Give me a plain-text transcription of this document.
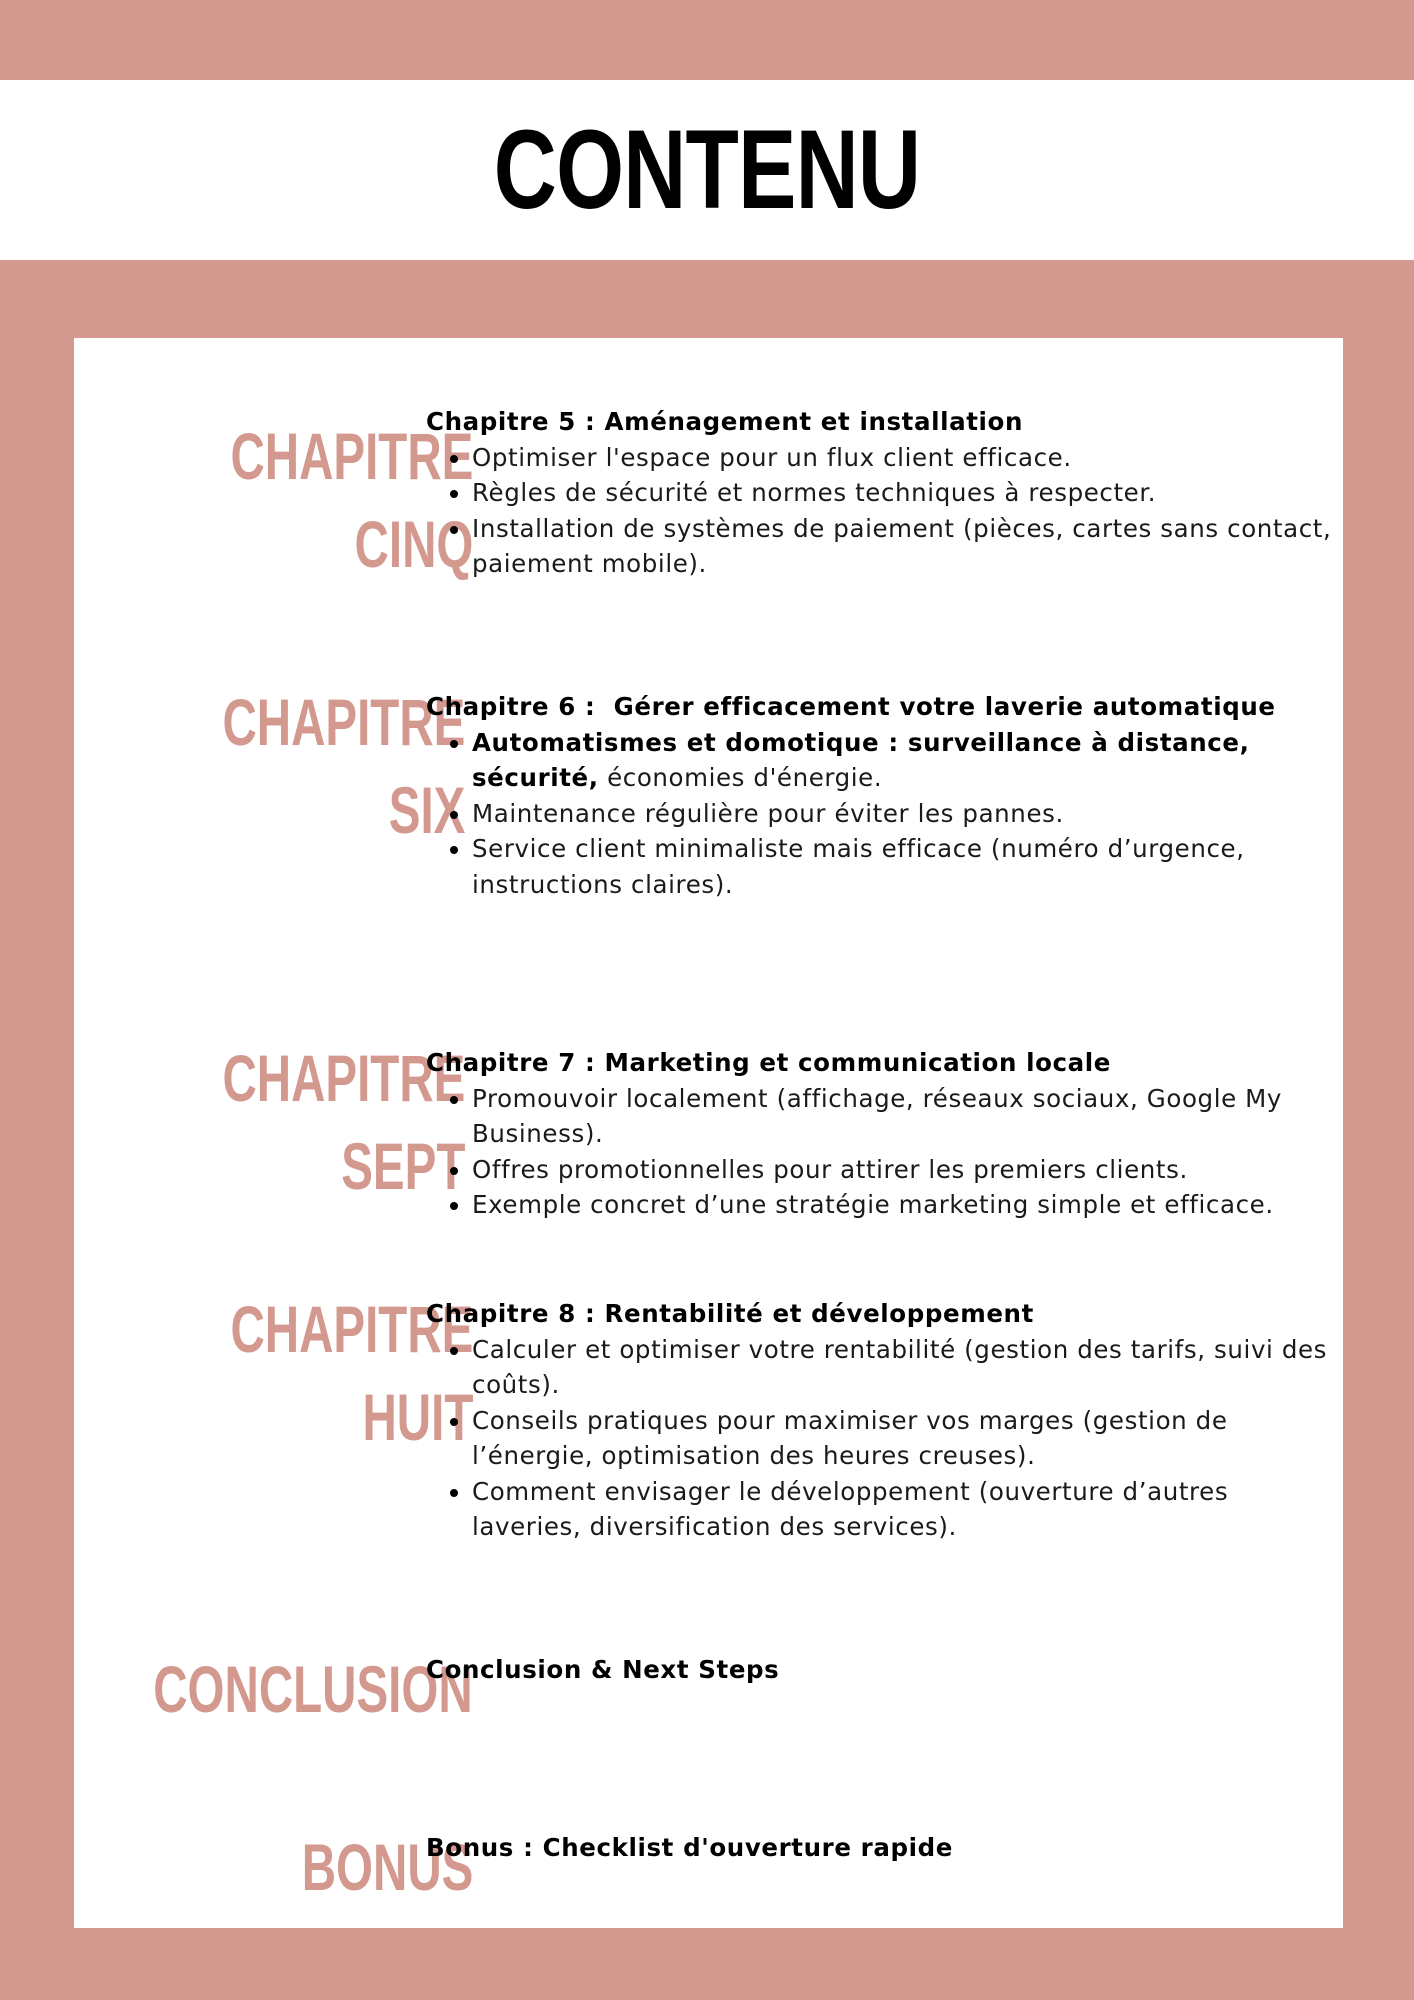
CONTENU
CHAPITRE
CINQ
Chapitre 5 : Aménagement et installation
• Optimiser l'espace pour un flux client efficace.
• Règles de sécurité et normes techniques à respecter.
• Installation de systèmes de paiement (pièces, cartes sans contact, paiement mobile).
CHAPITRE
SIX
Chapitre 6 :  Gérer efficacement votre laverie automatique
• Automatismes et domotique : surveillance à distance, sécurité, économies d'énergie.
• Maintenance régulière pour éviter les pannes.
• Service client minimaliste mais efficace (numéro d’urgence, instructions claires).
CHAPITRE
SEPT
Chapitre 7 : Marketing et communication locale
• Promouvoir localement (affichage, réseaux sociaux, Google My Business).
• Offres promotionnelles pour attirer les premiers clients.
• Exemple concret d’une stratégie marketing simple et efficace.
CHAPITRE
HUIT
Chapitre 8 : Rentabilité et développement
• Calculer et optimiser votre rentabilité (gestion des tarifs, suivi des coûts).
• Conseils pratiques pour maximiser vos marges (gestion de l’énergie, optimisation des heures creuses).
• Comment envisager le développement (ouverture d’autres laveries, diversification des services).
CONCLUSION
Conclusion & Next Steps
BONUS
Bonus : Checklist d'ouverture rapide
